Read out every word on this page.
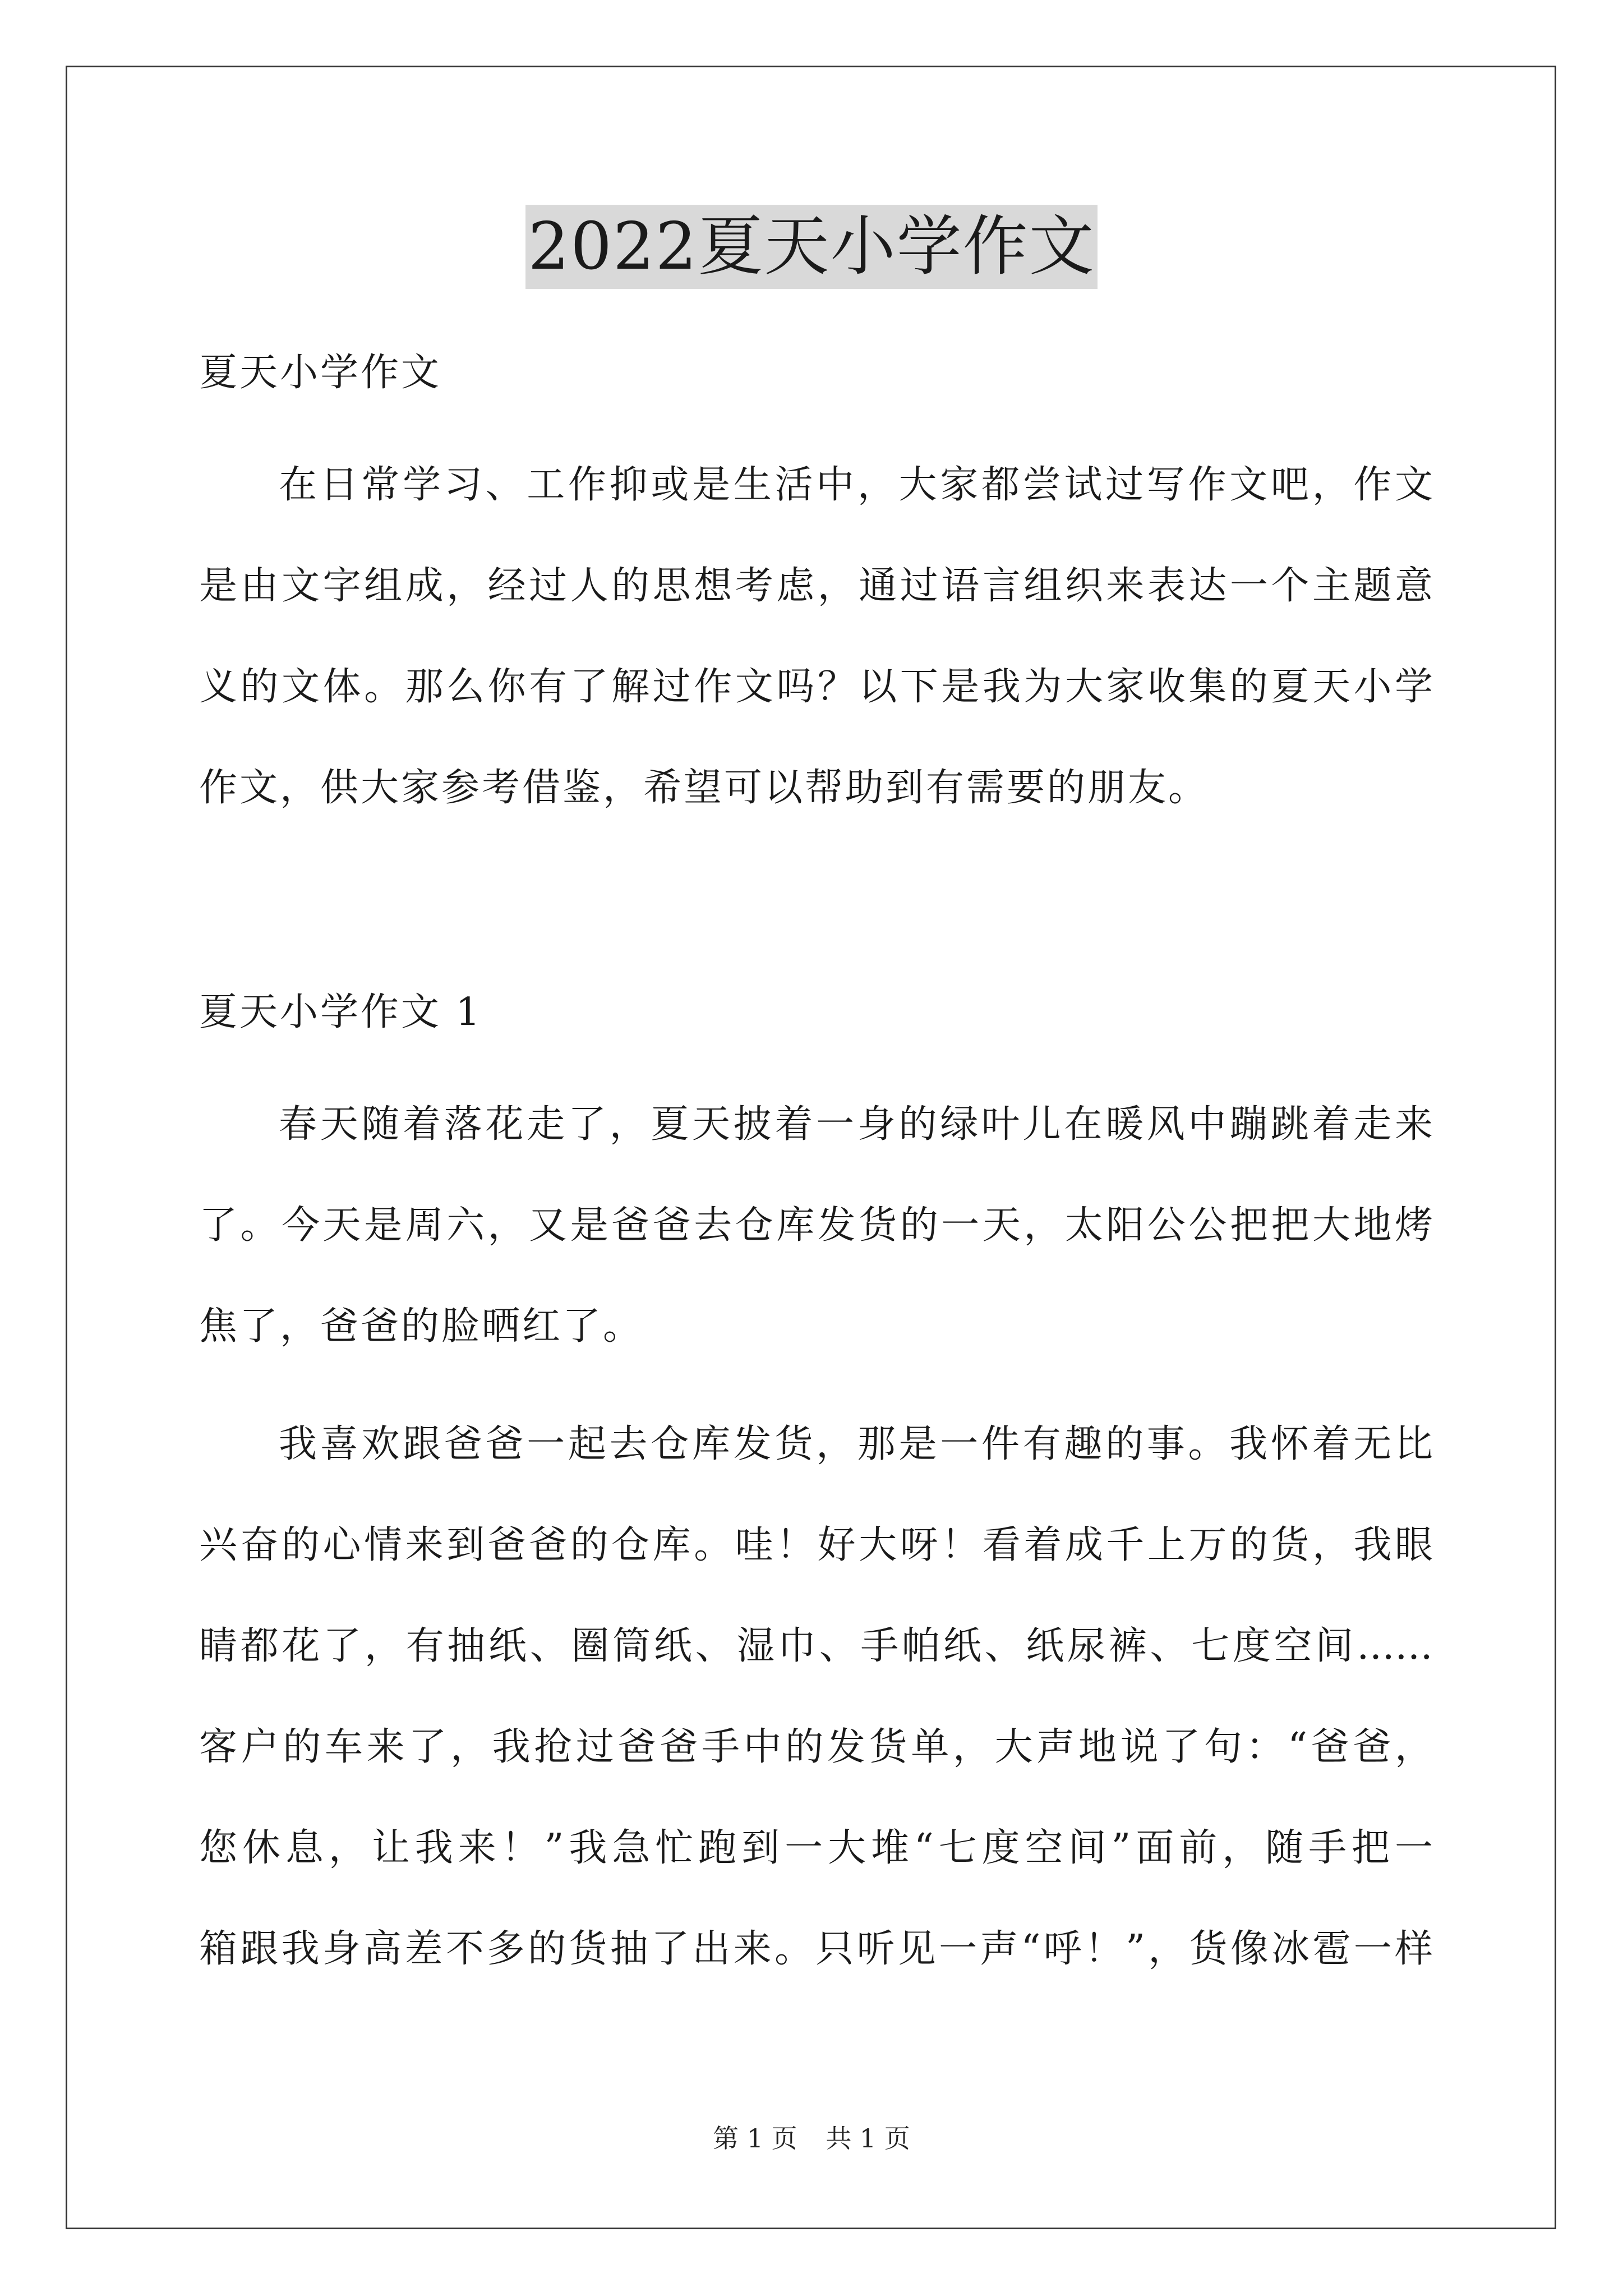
2022夏天小学作文
夏天小学作文
在日常学习、工作抑或是生活中，大家都尝试过写作文吧，作文
是由文字组成，经过人的思想考虑，通过语言组织来表达一个主题意
义的文体。那么你有了解过作文吗？以下是我为大家收集的夏天小学
作文，供大家参考借鉴，希望可以帮助到有需要的朋友。
夏天小学作文 1
春天随着落花走了，夏天披着一身的绿叶儿在暖风中蹦跳着走来
了。今天是周六，又是爸爸去仓库发货的一天，太阳公公把把大地烤
焦了，爸爸的脸晒红了。
我喜欢跟爸爸一起去仓库发货，那是一件有趣的事。我怀着无比
兴奋的心情来到爸爸的仓库。哇！好大呀！看着成千上万的货，我眼
睛都花了，有抽纸、圈筒纸、湿巾、手帕纸、纸尿裤、七度空间……
客户的车来了，我抢过爸爸手中的发货单，大声地说了句：“爸爸，
您休息，让我来！”我急忙跑到一大堆“七度空间”面前，随手把一
箱跟我身高差不多的货抽了出来。只听见一声“呼！”，货像冰雹一样
第 1 页 共 1 页
